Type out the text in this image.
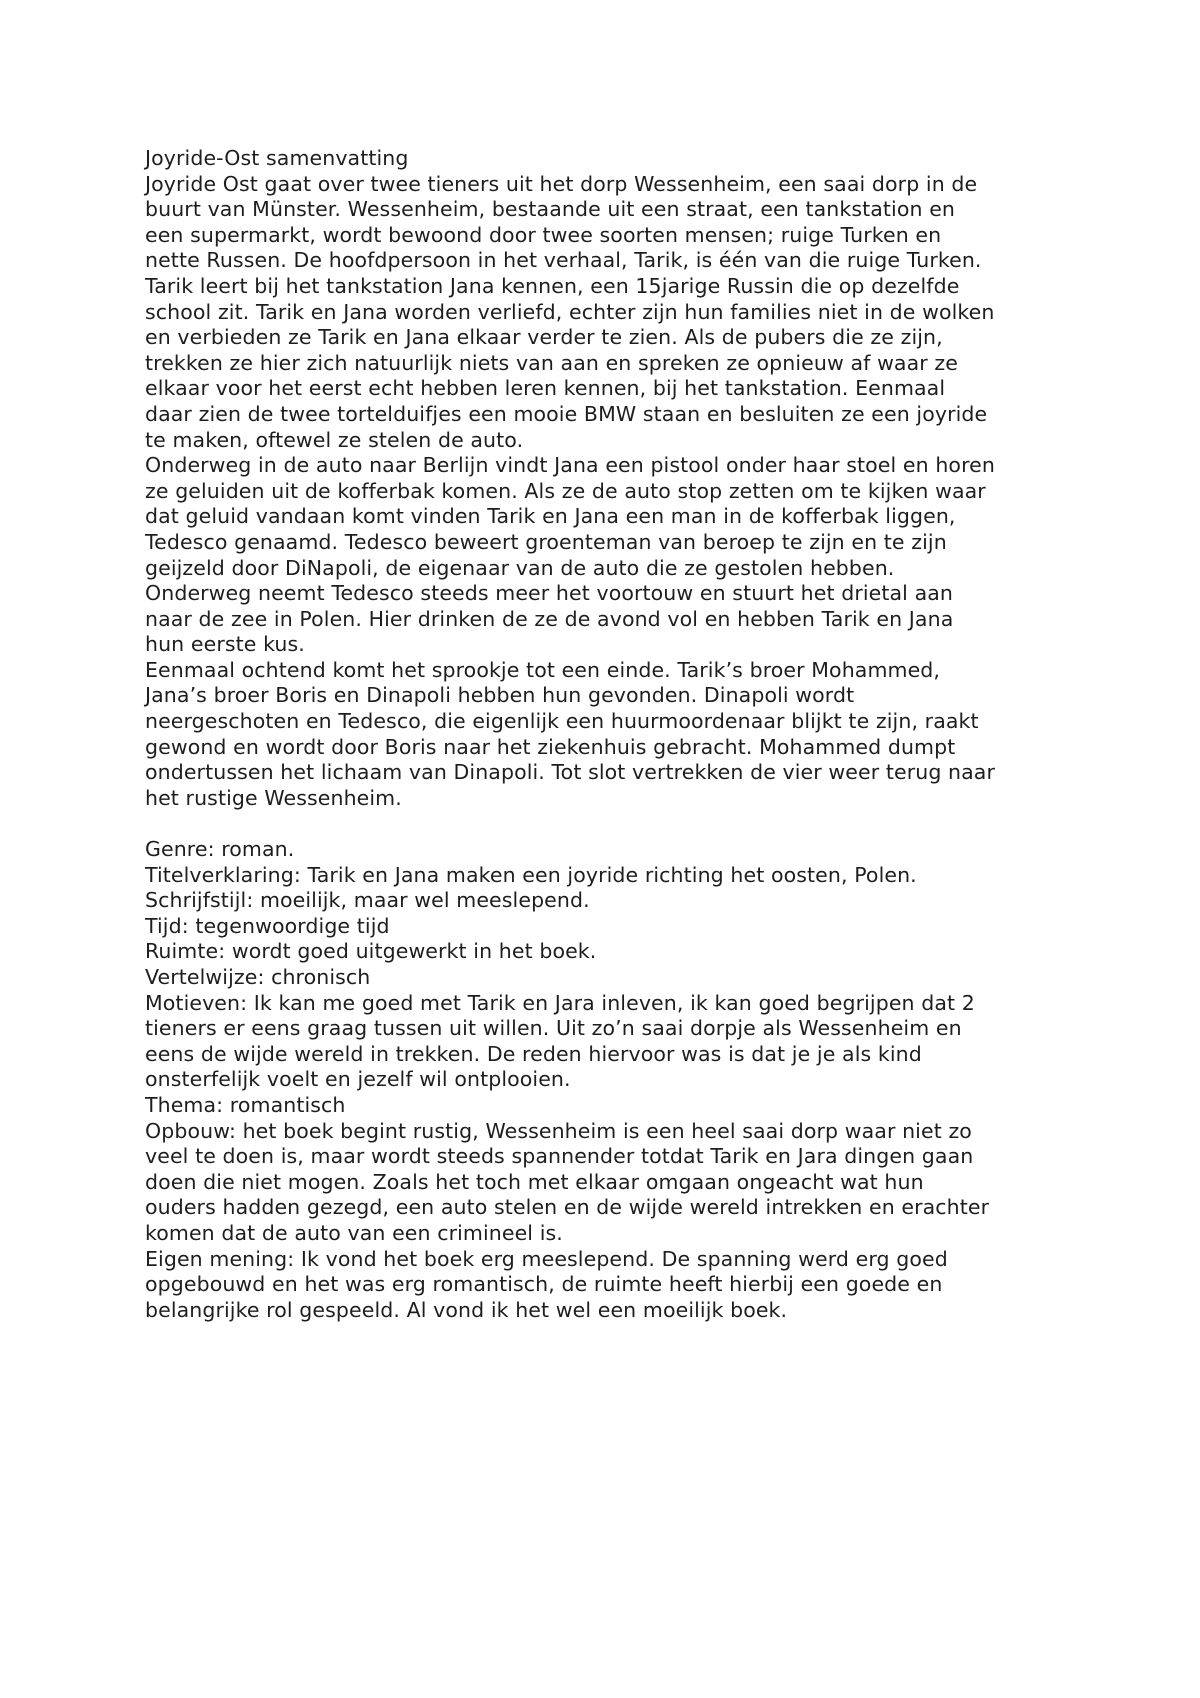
Joyride-Ost samenvatting
Joyride Ost gaat over twee tieners uit het dorp Wessenheim, een saai dorp in de
buurt van Münster. Wessenheim, bestaande uit een straat, een tankstation en
een supermarkt, wordt bewoond door twee soorten mensen; ruige Turken en
nette Russen. De hoofdpersoon in het verhaal, Tarik, is één van die ruige Turken.
Tarik leert bij het tankstation Jana kennen, een 15jarige Russin die op dezelfde
school zit. Tarik en Jana worden verliefd, echter zijn hun families niet in de wolken
en verbieden ze Tarik en Jana elkaar verder te zien. Als de pubers die ze zijn,
trekken ze hier zich natuurlijk niets van aan en spreken ze opnieuw af waar ze
elkaar voor het eerst echt hebben leren kennen, bij het tankstation. Eenmaal
daar zien de twee tortelduifjes een mooie BMW staan en besluiten ze een joyride
te maken, oftewel ze stelen de auto.
Onderweg in de auto naar Berlijn vindt Jana een pistool onder haar stoel en horen
ze geluiden uit de kofferbak komen. Als ze de auto stop zetten om te kijken waar
dat geluid vandaan komt vinden Tarik en Jana een man in de kofferbak liggen,
Tedesco genaamd. Tedesco beweert groenteman van beroep te zijn en te zijn
geijzeld door DiNapoli, de eigenaar van de auto die ze gestolen hebben.
Onderweg neemt Tedesco steeds meer het voortouw en stuurt het drietal aan
naar de zee in Polen. Hier drinken de ze de avond vol en hebben Tarik en Jana
hun eerste kus.
Eenmaal ochtend komt het sprookje tot een einde. Tarik’s broer Mohammed,
Jana’s broer Boris en Dinapoli hebben hun gevonden. Dinapoli wordt
neergeschoten en Tedesco, die eigenlijk een huurmoordenaar blijkt te zijn, raakt
gewond en wordt door Boris naar het ziekenhuis gebracht. Mohammed dumpt
ondertussen het lichaam van Dinapoli. Tot slot vertrekken de vier weer terug naar
het rustige Wessenheim.
Genre: roman.
Titelverklaring: Tarik en Jana maken een joyride richting het oosten, Polen.
Schrijfstijl: moeilijk, maar wel meeslepend.
Tijd: tegenwoordige tijd
Ruimte: wordt goed uitgewerkt in het boek.
Vertelwijze: chronisch
Motieven: Ik kan me goed met Tarik en Jara inleven, ik kan goed begrijpen dat 2
tieners er eens graag tussen uit willen. Uit zo’n saai dorpje als Wessenheim en
eens de wijde wereld in trekken. De reden hiervoor was is dat je je als kind
onsterfelijk voelt en jezelf wil ontplooien.
Thema: romantisch
Opbouw: het boek begint rustig, Wessenheim is een heel saai dorp waar niet zo
veel te doen is, maar wordt steeds spannender totdat Tarik en Jara dingen gaan
doen die niet mogen. Zoals het toch met elkaar omgaan ongeacht wat hun
ouders hadden gezegd, een auto stelen en de wijde wereld intrekken en erachter
komen dat de auto van een crimineel is.
Eigen mening: Ik vond het boek erg meeslepend. De spanning werd erg goed
opgebouwd en het was erg romantisch, de ruimte heeft hierbij een goede en
belangrijke rol gespeeld. Al vond ik het wel een moeilijk boek.
